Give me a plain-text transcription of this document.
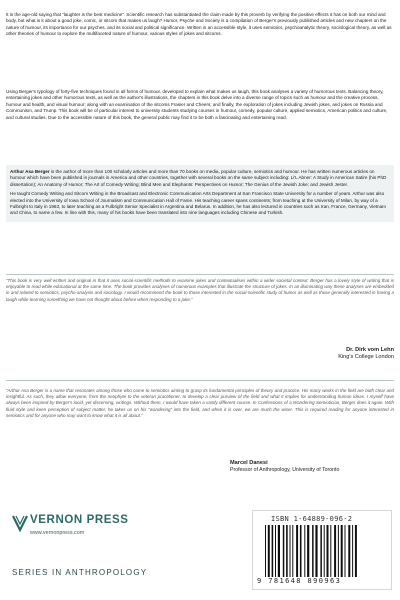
It is the age-old saying that “laughter is the best medicine”. Scientific research has substantiated the claim made by this proverb by verifying the positive effects it has on both our mind and body, but what is it about a good joke, comic, or sitcom that makes us laugh? Humor, Psyche and Society is a compilation of Berger's previously published articles and new chapters on the nature of humour, its importance for our psyches, and its social and political significance. Written in an accessible style, it uses semiotics, psychoanalytic theory, sociological theory, as well as other theories of humour to explore the multifaceted nature of humour, various styles of jokes and sitcoms.

Using Berger's typology of forty-five techniques found in all forms of humour, developed to explain what makes us laugh, this book analyses a variety of humorous texts. Balancing theory, entertaining jokes and other humorous texts, as well as the author's illustrations, the chapters in this book delve into a diverse range of topics such as humour and the creative process, humour and health, and visual humour; along with an examination of the sitcoms Frasier and Cheers; and finally, the exploration of jokes including Jewish jokes, and jokes on Russia and Communism, and Trump. This book will be of particular interest to university students studying courses in humour, comedy, popular culture, applied semiotics, American politics and culture, and cultural studies. Due to the accessible nature of this book, the general public may find it to be both a fascinating and entertaining read.

Arthur Asa Berger is the author of more than 100 scholarly articles and more than 70 books on media, popular culture, semiotics and humour. He has written numerous articles on humour which have been published in journals in America and other countries, together with several books on the same subject including: Li'L Abner: A Study in American Satire (his PhD dissertation); An Anatomy of Humor; The Art of Comedy Writing; Blind Men and Elephants: Perspectives on Humor; The Genius of the Jewish Joke; and Jewish Jester.

He taught Comedy Writing and Sitcom Writing in the Broadcast and Electronic Communication Arts Department at San Francisco State University for a number of years. Arthur was also elected into the University of Iowa School of Journalism and Communication Hall of Fame. His teaching career spans continents; from teaching at the University of Milan, by way of a Fulbright to Italy in 1963, to later teaching as a Fulbright Senior Specialist in Argentina and Belarus. In addition, he has also lectured in countries such as Iran, France, Germany, Vietnam and China, to name a few. In line with this, many of his books have been translated into nine languages including Chinese and Turkish.

“This book is very well written and original in that it uses social-scientific methods to examine jokes and contextualises within a wider societal context. Berger has a lovely style of writing that is enjoyable to read while educational at the same time. The book provides analyses of numerous examples that illustrate the structure of jokes. In an illuminating way these analyses are embedded in and related to semiotics, psycho-analysis and sociology. I would recommend the book to those interested in the social-scientific study of humor as well as those generally interested in having a laugh while learning something we have not thought about before when responding to a joke.”

Dr. Dirk vom Lehn
King's College London

“Arthur Asa Berger is a name that resonates among those who come to semiotics aiming to grasp its fundamental principles of theory and practice. His many works in the field are both clear and insightful. As such, they allow everyone, from the neophyte to the veteran practitioner, to develop a clear purview of the field and what it implies for understanding human ideas. I myself have always been inspired by Berger's lucid, yet discerning, writings. Without them, I would have taken a vastly different course. In Confessions of a Wandering Semiotician, Berger does it again. With fluid style and keen perception of subject matter, he takes us on his “wandering” into the field, and when it is over, we are much the wiser. This is required reading for anyone interested in semiotics and for anyone who may want to know what it is all about.”

Marcel Danesi
Professor of Anthropology, University of Toronto
VERNON PRESS
www.vernonpress.com
SERIES IN ANTHROPOLOGY
ISBN 1-64889-096-2
9 781648 890963
